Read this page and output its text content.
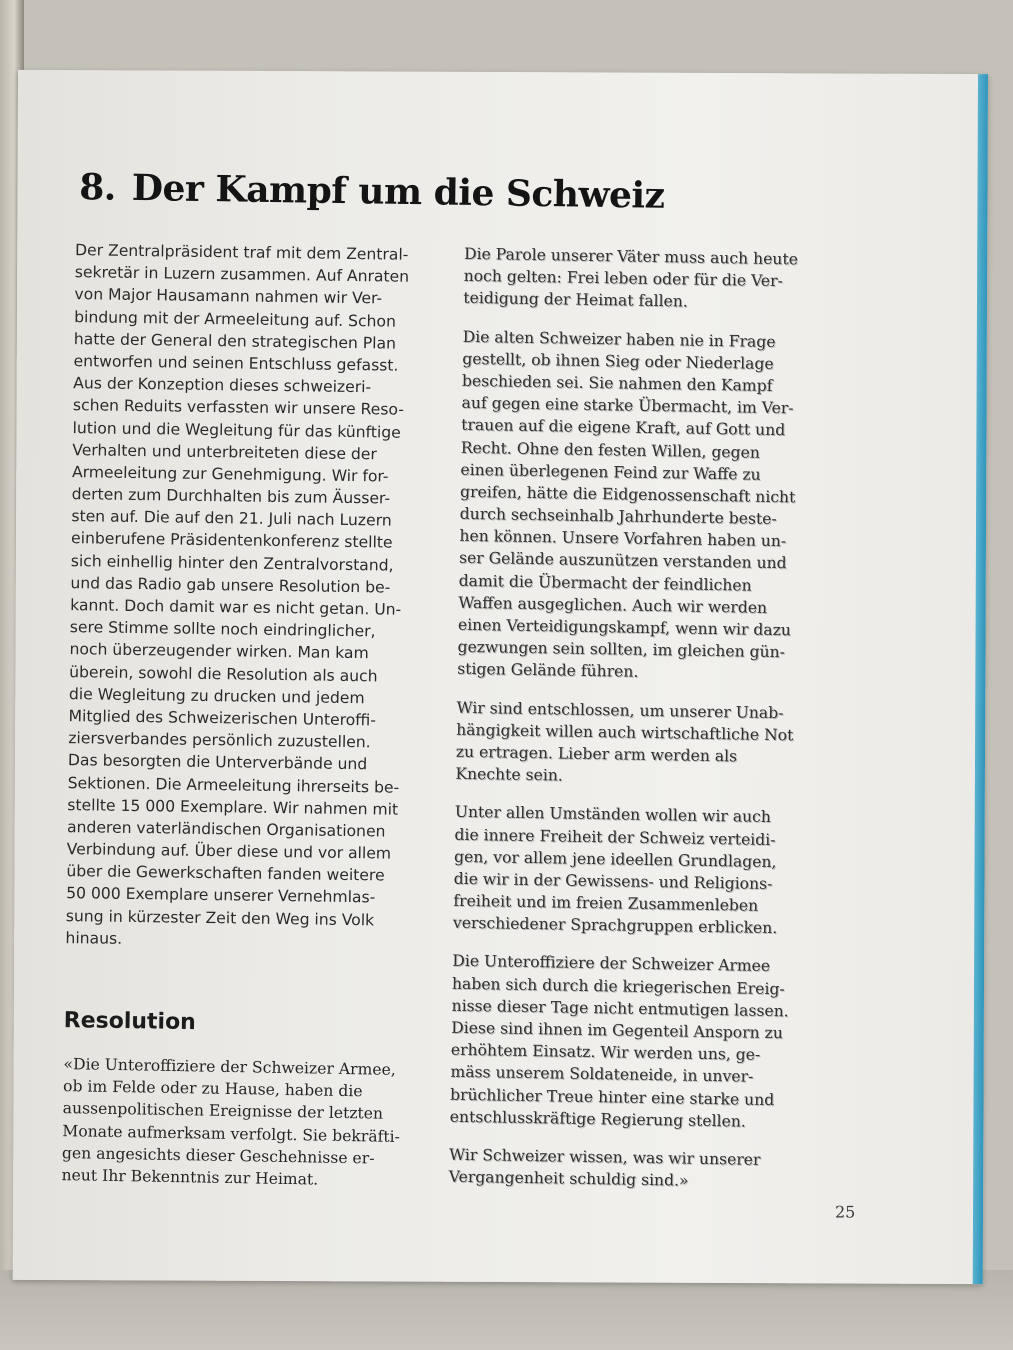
8. Der Kampf um die Schweiz
Der Zentralpräsident traf mit dem Zentral-
sekretär in Luzern zusammen. Auf Anraten
von Major Hausamann nahmen wir Ver-
bindung mit der Armeeleitung auf. Schon
hatte der General den strategischen Plan
entworfen und seinen Entschluss gefasst.
Aus der Konzeption dieses schweizeri-
schen Reduits verfassten wir unsere Reso-
lution und die Wegleitung für das künftige
Verhalten und unterbreiteten diese der
Armeeleitung zur Genehmigung. Wir for-
derten zum Durchhalten bis zum Äusser-
sten auf. Die auf den 21. Juli nach Luzern
einberufene Präsidentenkonferenz stellte
sich einhellig hinter den Zentralvorstand,
und das Radio gab unsere Resolution be-
kannt. Doch damit war es nicht getan. Un-
sere Stimme sollte noch eindringlicher,
noch überzeugender wirken. Man kam
überein, sowohl die Resolution als auch
die Wegleitung zu drucken und jedem
Mitglied des Schweizerischen Unteroffi-
ziersverbandes persönlich zuzustellen.
Das besorgten die Unterverbände und
Sektionen. Die Armeeleitung ihrerseits be-
stellte 15 000 Exemplare. Wir nahmen mit
anderen vaterländischen Organisationen
Verbindung auf. Über diese und vor allem
über die Gewerkschaften fanden weitere
50 000 Exemplare unserer Vernehmlas-
sung in kürzester Zeit den Weg ins Volk
hinaus.
Resolution
«Die Unteroffiziere der Schweizer Armee,
ob im Felde oder zu Hause, haben die
aussenpolitischen Ereignisse der letzten
Monate aufmerksam verfolgt. Sie bekräfti-
gen angesichts dieser Geschehnisse er-
neut Ihr Bekenntnis zur Heimat.
Die Parole unserer Väter muss auch heute
noch gelten: Frei leben oder für die Ver-
teidigung der Heimat fallen.
Die alten Schweizer haben nie in Frage
gestellt, ob ihnen Sieg oder Niederlage
beschieden sei. Sie nahmen den Kampf
auf gegen eine starke Übermacht, im Ver-
trauen auf die eigene Kraft, auf Gott und
Recht. Ohne den festen Willen, gegen
einen überlegenen Feind zur Waffe zu
greifen, hätte die Eidgenossenschaft nicht
durch sechseinhalb Jahrhunderte beste-
hen können. Unsere Vorfahren haben un-
ser Gelände auszunützen verstanden und
damit die Übermacht der feindlichen
Waffen ausgeglichen. Auch wir werden
einen Verteidigungskampf, wenn wir dazu
gezwungen sein sollten, im gleichen gün-
stigen Gelände führen.
Wir sind entschlossen, um unserer Unab-
hängigkeit willen auch wirtschaftliche Not
zu ertragen. Lieber arm werden als
Knechte sein.
Unter allen Umständen wollen wir auch
die innere Freiheit der Schweiz verteidi-
gen, vor allem jene ideellen Grundlagen,
die wir in der Gewissens- und Religions-
freiheit und im freien Zusammenleben
verschiedener Sprachgruppen erblicken.
Die Unteroffiziere der Schweizer Armee
haben sich durch die kriegerischen Ereig-
nisse dieser Tage nicht entmutigen lassen.
Diese sind ihnen im Gegenteil Ansporn zu
erhöhtem Einsatz. Wir werden uns, ge-
mäss unserem Soldateneide, in unver-
brüchlicher Treue hinter eine starke und
entschlusskräftige Regierung stellen.
Wir Schweizer wissen, was wir unserer
Vergangenheit schuldig sind.»
25
